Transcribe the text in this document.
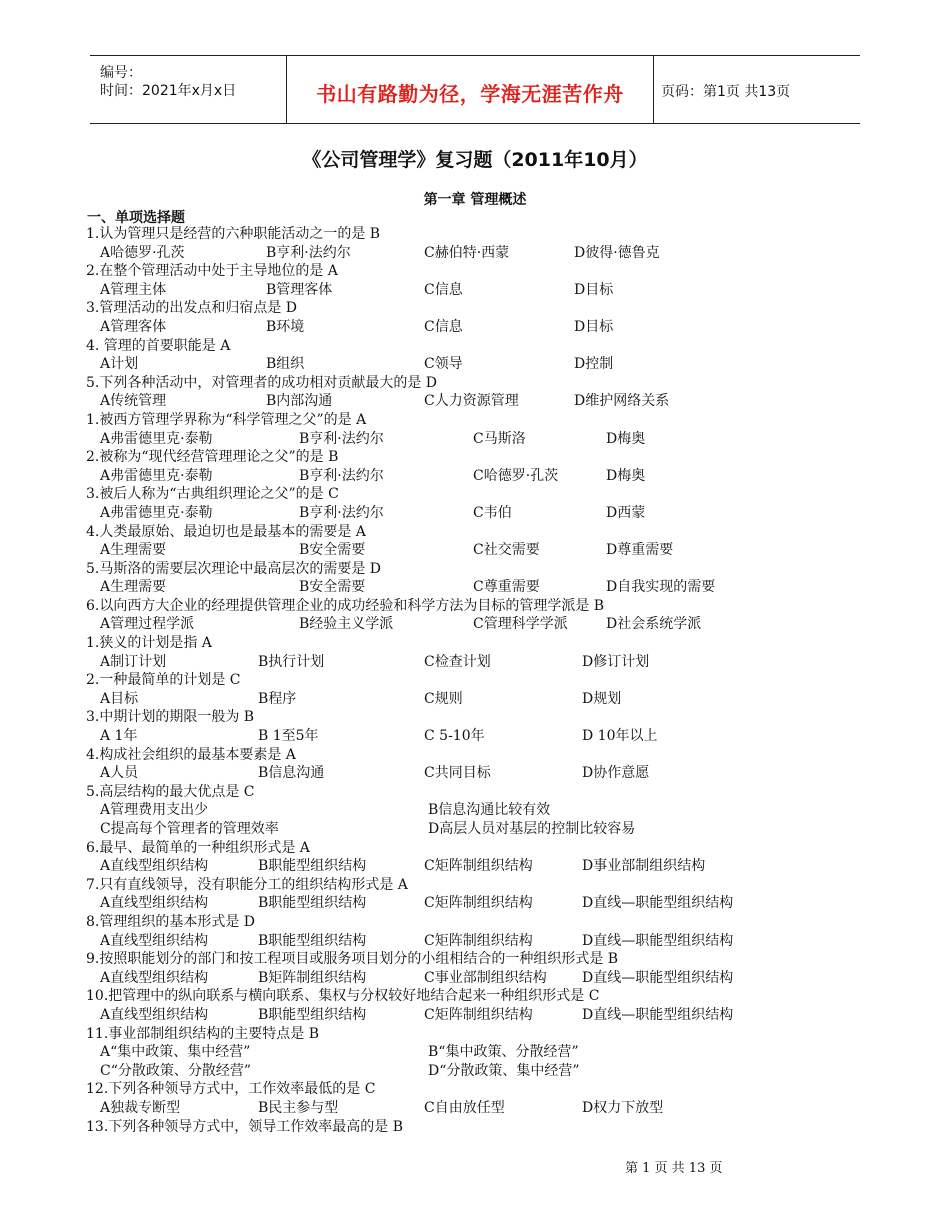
编号：
时间：2021年x月x日	书山有路勤为径，学海无涯苦作舟	页码：第1页 共13页
《公司管理学》复习题（2011年10月）
第一章 管理概述
一、单项选择题
1.认为管理只是经营的六种职能活动之一的是 B
A哈德罗·孔茨	B亨利·法约尔	C赫伯特·西蒙	D彼得·德鲁克
2.在整个管理活动中处于主导地位的是 A
A管理主体	B管理客体	C信息	D目标
3.管理活动的出发点和归宿点是 D
A管理客体	B环境	C信息	D目标
4. 管理的首要职能是 A
A计划	B组织	C领导	D控制
5.下列各种活动中，对管理者的成功相对贡献最大的是 D
A传统管理	B内部沟通	C人力资源管理	D维护网络关系
1.被西方管理学界称为“科学管理之父”的是 A
A弗雷德里克·泰勒	B亨利·法约尔	C马斯洛	D梅奥
2.被称为“现代经营管理理论之父”的是 B
A弗雷德里克·泰勒	B亨利·法约尔	C哈德罗·孔茨	D梅奥
3.被后人称为“古典组织理论之父”的是 C
A弗雷德里克·泰勒	B亨利·法约尔	C韦伯	D西蒙
4.人类最原始、最迫切也是最基本的需要是 A
A生理需要	B安全需要	C社交需要	D尊重需要
5.马斯洛的需要层次理论中最高层次的需要是 D
A生理需要	B安全需要	C尊重需要	D自我实现的需要
6.以向西方大企业的经理提供管理企业的成功经验和科学方法为目标的管理学派是 B
A管理过程学派	B经验主义学派	C管理科学学派	D社会系统学派
1.狭义的计划是指 A
A制订计划	B执行计划	C检查计划	D修订计划
2.一种最简单的计划是 C
A目标	B程序	C规则	D规划
3.中期计划的期限一般为 B
A 1年	B 1至5年	C 5-10年	D 10年以上
4.构成社会组织的最基本要素是 A
A人员	B信息沟通	C共同目标	D协作意愿
5.高层结构的最大优点是 C
A管理费用支出少	B信息沟通比较有效
C提高每个管理者的管理效率	D高层人员对基层的控制比较容易
6.最早、最简单的一种组织形式是 A
A直线型组织结构	B职能型组织结构	C矩阵制组织结构	D事业部制组织结构
7.只有直线领导，没有职能分工的组织结构形式是 A
A直线型组织结构	B职能型组织结构	C矩阵制组织结构	D直线—职能型组织结构
8.管理组织的基本形式是 D
A直线型组织结构	B职能型组织结构	C矩阵制组织结构	D直线—职能型组织结构
9.按照职能划分的部门和按工程项目或服务项目划分的小组相结合的一种组织形式是 B
A直线型组织结构	B矩阵制组织结构	C事业部制组织结构	D直线—职能型组织结构
10.把管理中的纵向联系与横向联系、集权与分权较好地结合起来一种组织形式是 C
A直线型组织结构	B职能型组织结构	C矩阵制组织结构	D直线—职能型组织结构
11.事业部制组织结构的主要特点是 B
A“集中政策、集中经营”	B“集中政策、分散经营”
C“分散政策、分散经营”	D“分散政策、集中经营”
12.下列各种领导方式中，工作效率最低的是 C
A独裁专断型	B民主参与型	C自由放任型	D权力下放型
13.下列各种领导方式中，领导工作效率最高的是 B
第 1 页 共 13 页
